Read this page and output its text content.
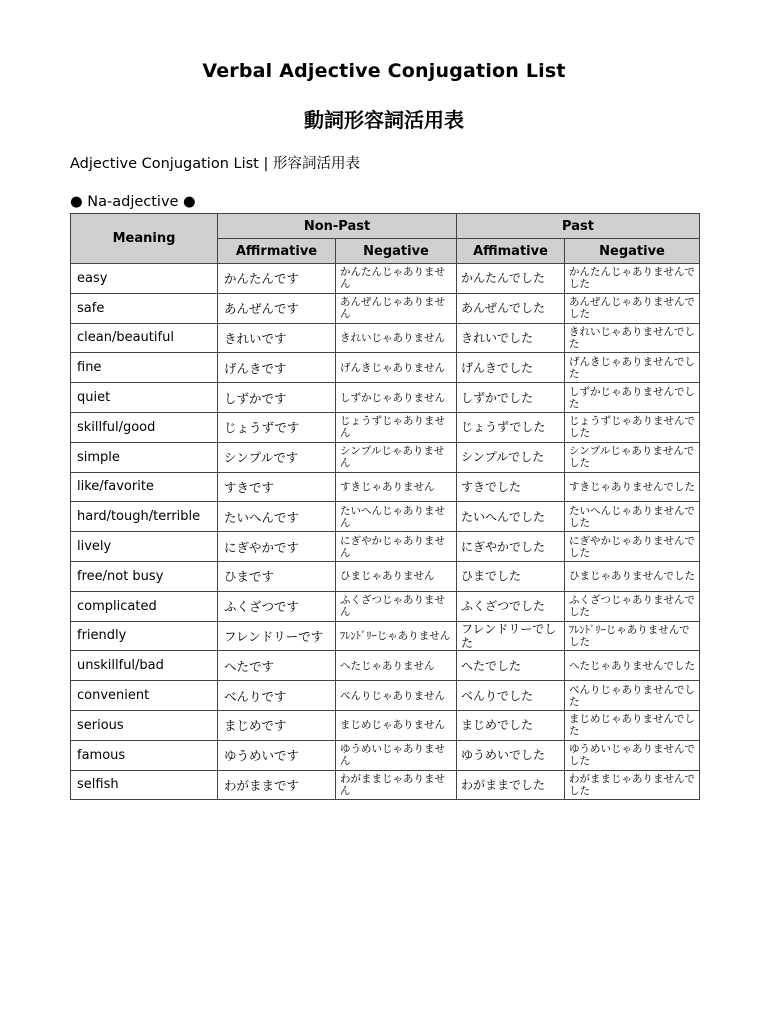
Verbal Adjective Conjugation List
動詞形容詞活用表
Adjective Conjugation List | 形容詞活用表
● Na-adjective ●
Meaning	Non-Past		Past	
	Affirmative	Negative	Affimative	Negative
easy	かんたんです	かんたんじゃありません	かんたんでした	かんたんじゃありませんでした
safe	あんぜんです	あんぜんじゃありません	あんぜんでした	あんぜんじゃありませんでした
clean/beautiful	きれいです	きれいじゃありません	きれいでした	きれいじゃありませんでした
fine	げんきです	げんきじゃありません	げんきでした	げんきじゃありませんでした
quiet	しずかです	しずかじゃありません	しずかでした	しずかじゃありませんでした
skillful/good	じょうずです	じょうずじゃありません	じょうずでした	じょうずじゃありませんでした
simple	シンプルです	シンプルじゃありません	シンプルでした	シンプルじゃありませんでした
like/favorite	すきです	すきじゃありません	すきでした	すきじゃありませんでした
hard/tough/terrible	たいへんです	たいへんじゃありません	たいへんでした	たいへんじゃありませんでした
lively	にぎやかです	にぎやかじゃありません	にぎやかでした	にぎやかじゃありませんでした
free/not busy	ひまです	ひまじゃありません	ひまでした	ひまじゃありませんでした
complicated	ふくざつです	ふくざつじゃありません	ふくざつでした	ふくざつじゃありませんでした
friendly	フレンドリーです	ﾌﾚﾝﾄﾞﾘｰじゃありません	フレンドリーでした	ﾌﾚﾝﾄﾞﾘｰじゃありませんでした
unskillful/bad	へたです	へたじゃありません	へたでした	へたじゃありませんでした
convenient	べんりです	べんりじゃありません	べんりでした	べんりじゃありませんでした
serious	まじめです	まじめじゃありません	まじめでした	まじめじゃありませんでした
famous	ゆうめいです	ゆうめいじゃありません	ゆうめいでした	ゆうめいじゃありませんでした
selfish	わがままです	わがままじゃありません	わがままでした	わがままじゃありませんでした
